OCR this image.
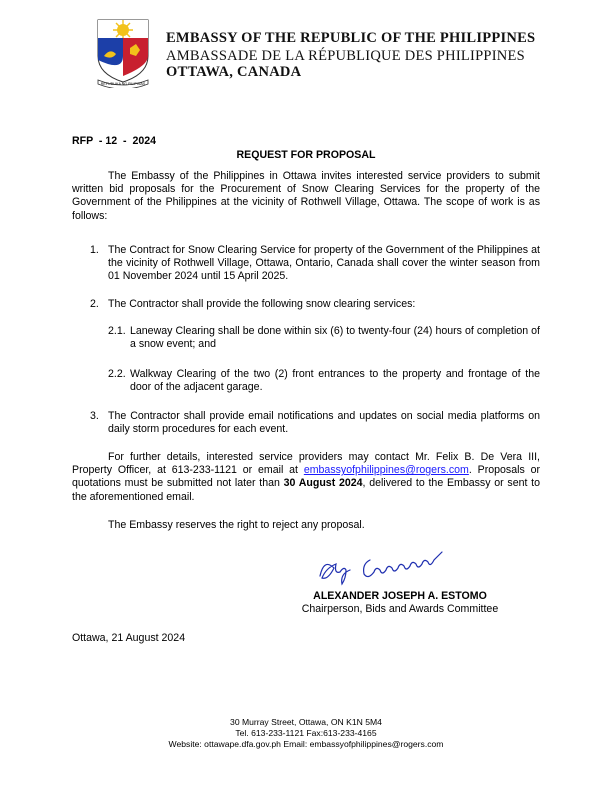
REPUBLIKA NG PILIPINAS
EMBASSY OF THE REPUBLIC OF THE PHILIPPINES
AMBASSADE DE LA RÉPUBLIQUE DES PHILIPPINES
OTTAWA, CANADA
RFP  - 12  -  2024
REQUEST FOR PROPOSAL
The Embassy of the Philippines in Ottawa invites interested service providers to submit written bid proposals for the Procurement of Snow Clearing Services for the property of the Government of the Philippines at the vicinity of Rothwell Village, Ottawa. The scope of work is as follows:
1. The Contract for Snow Clearing Service for property of the Government of the Philippines at the vicinity of Rothwell Village, Ottawa, Ontario, Canada shall cover the winter season from 01 November 2024 until 15 April 2025.
2. The Contractor shall provide the following snow clearing services:
2.1. Laneway Clearing shall be done within six (6) to twenty-four (24) hours of completion of a snow event; and
2.2. Walkway Clearing of the two (2) front entrances to the property and frontage of the door of the adjacent garage.
3. The Contractor shall provide email notifications and updates on social media platforms on daily storm procedures for each event.
For further details, interested service providers may contact Mr. Felix B. De Vera III, Property Officer, at 613-233-1121 or email at embassyofphilippines@rogers.com. Proposals or quotations must be submitted not later than 30 August 2024, delivered to the Embassy or sent to the aforementioned email.
The Embassy reserves the right to reject any proposal.
ALEXANDER JOSEPH A. ESTOMO
Chairperson, Bids and Awards Committee
Ottawa, 21 August 2024
30 Murray Street, Ottawa, ON K1N 5M4
Tel. 613-233-1121 Fax:613-233-4165
Website: ottawape.dfa.gov.ph Email: embassyofphilippines@rogers.com
